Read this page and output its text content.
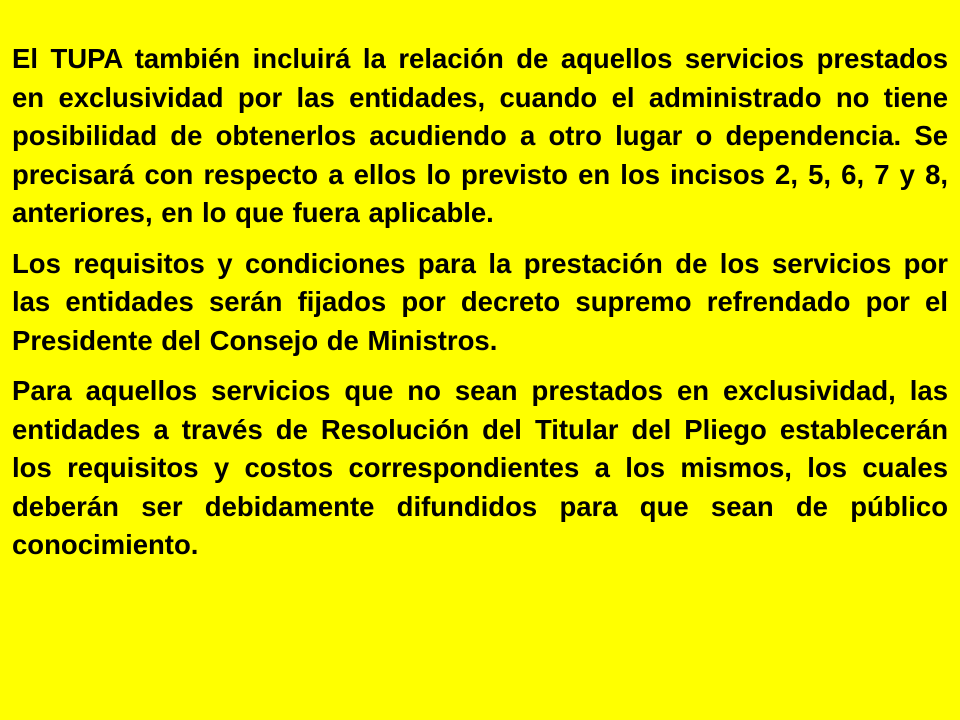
El TUPA también incluirá la relación de aquellos servicios prestados en exclusividad por las entidades, cuando el administrado no tiene posibilidad de obtenerlos acudiendo a otro lugar o dependencia. Se precisará con respecto a ellos lo previsto en los incisos 2, 5, 6, 7 y 8, anteriores, en lo que fuera aplicable.

Los requisitos y condiciones para la prestación de los servicios por las entidades serán fijados por decreto supremo refrendado por el Presidente del Consejo de Ministros.

Para aquellos servicios que no sean prestados en exclusividad, las entidades a través de Resolución del Titular del Pliego establecerán los requisitos y costos correspondientes a los mismos, los cuales deberán ser debidamente difundidos para que sean de público conocimiento.
